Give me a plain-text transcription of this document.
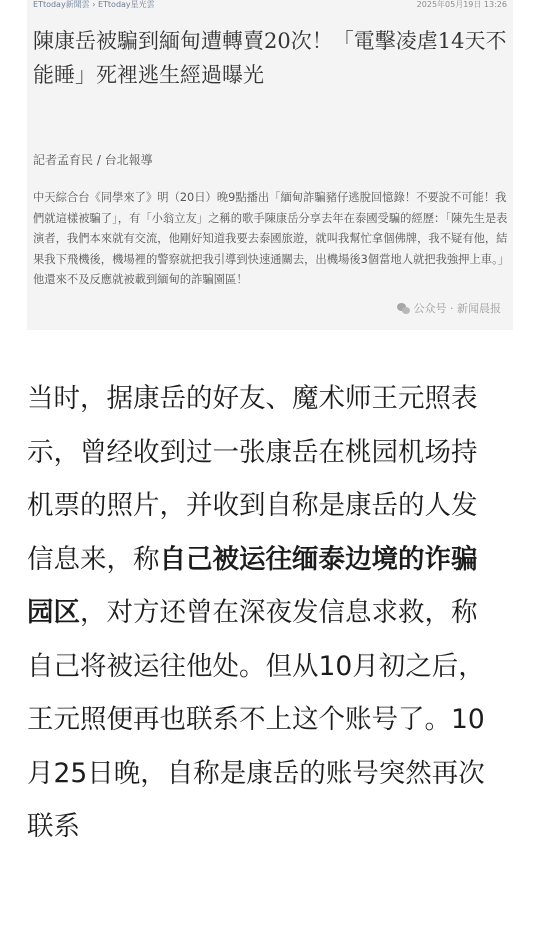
ETtoday新聞雲 › ETtoday星光雲	2025年05月19日 13:26
陳康岳被騙到緬甸遭轉賣20次！「電擊凌虐14天不能睡」死裡逃生經過曝光
記者孟育民 / 台北報導

中天綜合台《同學來了》明（20日）晚9點播出「緬甸詐騙豬仔逃脫回憶錄！不要說不可能！我們就這樣被騙了」，有「小翁立友」之稱的歌手陳康岳分享去年在泰國受騙的經歷：「陳先生是表演者，我們本來就有交流，他剛好知道我要去泰國旅遊，就叫我幫忙拿個佛牌，我不疑有他，結果我下飛機後，機場裡的警察就把我引導到快速通關去，出機場後3個當地人就把我強押上車。」他還來不及反應就被載到緬甸的詐騙園區！

公众号 · 新闻晨报

当时，据康岳的好友、魔术师王元照表示，曾经收到过一张康岳在桃园机场持机票的照片，并收到自称是康岳的人发信息来，称自己被运往缅泰边境的诈骗园区，对方还曾在深夜发信息求救，称自己将被运往他处。但从10月初之后，王元照便再也联系不上这个账号了。10月25日晚，自称是康岳的账号突然再次联系
